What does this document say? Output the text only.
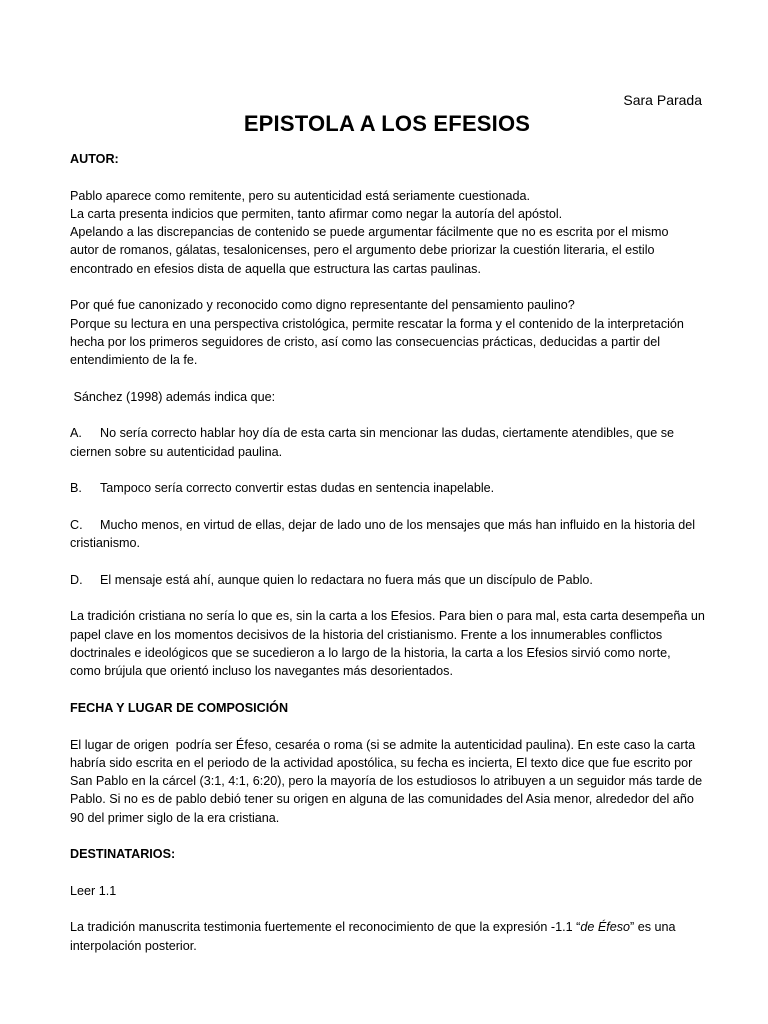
Sara Parada
EPISTOLA A LOS EFESIOS

AUTOR:

Pablo aparece como remitente, pero su autenticidad está seriamente cuestionada.
La carta presenta indicios que permiten, tanto afirmar como negar la autoría del apóstol.
Apelando a las discrepancias de contenido se puede argumentar fácilmente que no es escrita por el mismo
autor de romanos, gálatas, tesalonicenses, pero el argumento debe priorizar la cuestión literaria, el estilo
encontrado en efesios dista de aquella que estructura las cartas paulinas.

Por qué fue canonizado y reconocido como digno representante del pensamiento paulino?
Porque su lectura en una perspectiva cristológica, permite rescatar la forma y el contenido de la interpretación
hecha por los primeros seguidores de cristo, así como las consecuencias prácticas, deducidas a partir del
entendimiento de la fe.

Sánchez (1998) además indica que:

A. No sería correcto hablar hoy día de esta carta sin mencionar las dudas, ciertamente atendibles, que se
ciernen sobre su autenticidad paulina.

B. Tampoco sería correcto convertir estas dudas en sentencia inapelable.

C. Mucho menos, en virtud de ellas, dejar de lado uno de los mensajes que más han influido en la historia del
cristianismo.

D. El mensaje está ahí, aunque quien lo redactara no fuera más que un discípulo de Pablo.

La tradición cristiana no sería lo que es, sin la carta a los Efesios. Para bien o para mal, esta carta desempeña un
papel clave en los momentos decisivos de la historia del cristianismo. Frente a los innumerables conflictos
doctrinales e ideológicos que se sucedieron a lo largo de la historia, la carta a los Efesios sirvió como norte,
como brújula que orientó incluso los navegantes más desorientados.

FECHA Y LUGAR DE COMPOSICIÓN

El lugar de origen  podría ser Éfeso, cesaréa o roma (si se admite la autenticidad paulina). En este caso la carta
habría sido escrita en el periodo de la actividad apostólica, su fecha es incierta, El texto dice que fue escrito por
San Pablo en la cárcel (3:1, 4:1, 6:20), pero la mayoría de los estudiosos lo atribuyen a un seguidor más tarde de
Pablo. Si no es de pablo debió tener su origen en alguna de las comunidades del Asia menor, alrededor del año
90 del primer siglo de la era cristiana.

DESTINATARIOS:

Leer 1.1

La tradición manuscrita testimonia fuertemente el reconocimiento de que la expresión -1.1 “de Éfeso” es una
interpolación posterior.
